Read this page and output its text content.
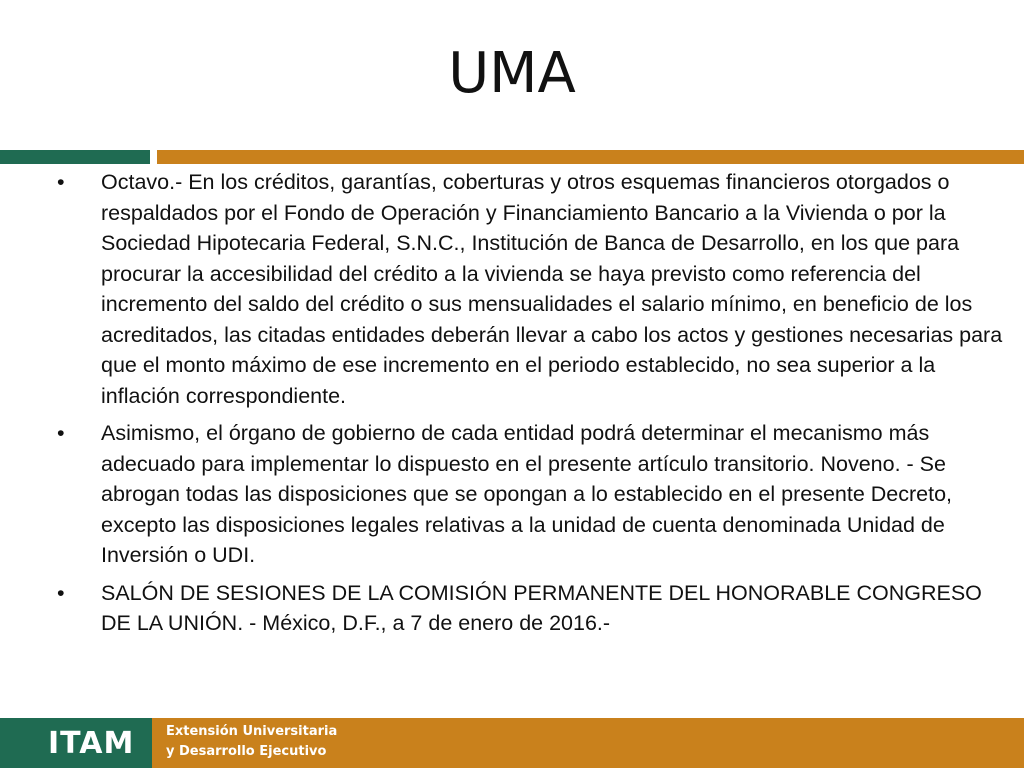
UMA
• Octavo.- En los créditos, garantías, coberturas y otros esquemas financieros otorgados o respaldados por el Fondo de Operación y Financiamiento Bancario a la Vivienda o por la Sociedad Hipotecaria Federal, S.N.C., Institución de Banca de Desarrollo, en los que para procurar la accesibilidad del crédito a la vivienda se haya previsto como referencia del incremento del saldo del crédito o sus mensualidades el salario mínimo, en beneficio de los acreditados, las citadas entidades deberán llevar a cabo los actos y gestiones necesarias para que el monto máximo de ese incremento en el periodo establecido, no sea superior a la inflación correspondiente.
• Asimismo, el órgano de gobierno de cada entidad podrá determinar el mecanismo más adecuado para implementar lo dispuesto en el presente artículo transitorio. Noveno. - Se abrogan todas las disposiciones que se opongan a lo establecido en el presente Decreto, excepto las disposiciones legales relativas a la unidad de cuenta denominada Unidad de Inversión o UDI.
• SALÓN DE SESIONES DE LA COMISIÓN PERMANENTE DEL HONORABLE CONGRESO DE LA UNIÓN. - México, D.F., a 7 de enero de 2016.-
ITAM Extensión Universitaria
y Desarrollo Ejecutivo
